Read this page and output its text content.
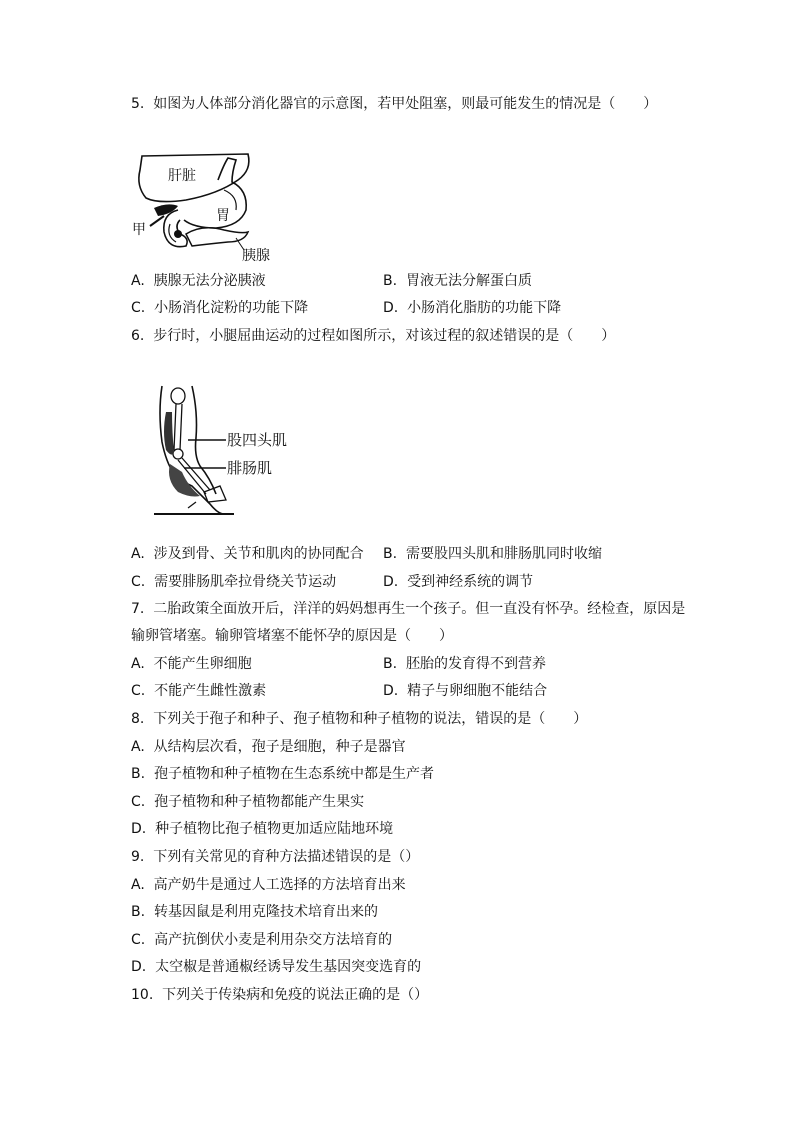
5.  如图为人体部分消化器官的示意图，若甲处阻塞，则最可能发生的情况是（　　）
肝脏
胃
甲
胰腺
A.  胰腺无法分泌胰液	B.  胃液无法分解蛋白质
C.  小肠消化淀粉的功能下降	D.  小肠消化脂肪的功能下降
6.  步行时，小腿屈曲运动的过程如图所示，对该过程的叙述错误的是（　　）
股四头肌
腓肠肌
A.  涉及到骨、关节和肌肉的协同配合 B.  需要股四头肌和腓肠肌同时收缩
C.  需要腓肠肌牵拉骨绕关节运动	D.  受到神经系统的调节
7.  二胎政策全面放开后，洋洋的妈妈想再生一个孩子。但一直没有怀孕。经检查，原因是
输卵管堵塞。输卵管堵塞不能怀孕的原因是（　　）
A.  不能产生卵细胞	B.  胚胎的发育得不到营养
C.  不能产生雌性激素	D.  精子与卵细胞不能结合
8.  下列关于孢子和种子、孢子植物和种子植物的说法，错误的是（　　）
A.  从结构层次看，孢子是细胞，种子是器官
B.  孢子植物和种子植物在生态系统中都是生产者
C.  孢子植物和种子植物都能产生果实
D.  种子植物比孢子植物更加适应陆地环境
9.  下列有关常见的育种方法描述错误的是（）
A.  高产奶牛是通过人工选择的方法培育出来
B.  转基因鼠是利用克隆技术培育出来的
C.  高产抗倒伏小麦是利用杂交方法培育的
D.  太空椒是普通椒经诱导发生基因突变选育的
10.  下列关于传染病和免疫的说法正确的是（）
